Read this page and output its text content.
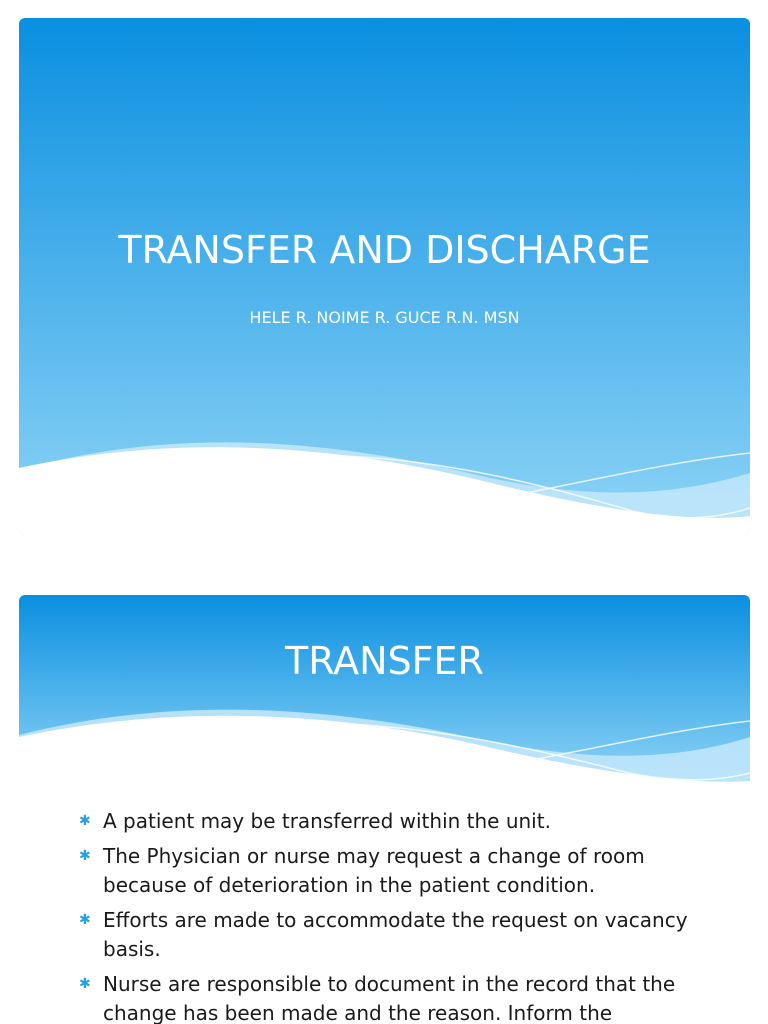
TRANSFER AND DISCHARGE

HELE R. NOIME R. GUCE R.N. MSN

TRANSFER
✱ A patient may be transferred within the unit.
✱ The Physician or nurse may request a change of room because of deterioration in the patient condition.
✱ Efforts are made to accommodate the request on vacancy basis.
✱ Nurse are responsible to document in the record that the change has been made and the reason. Inform the
